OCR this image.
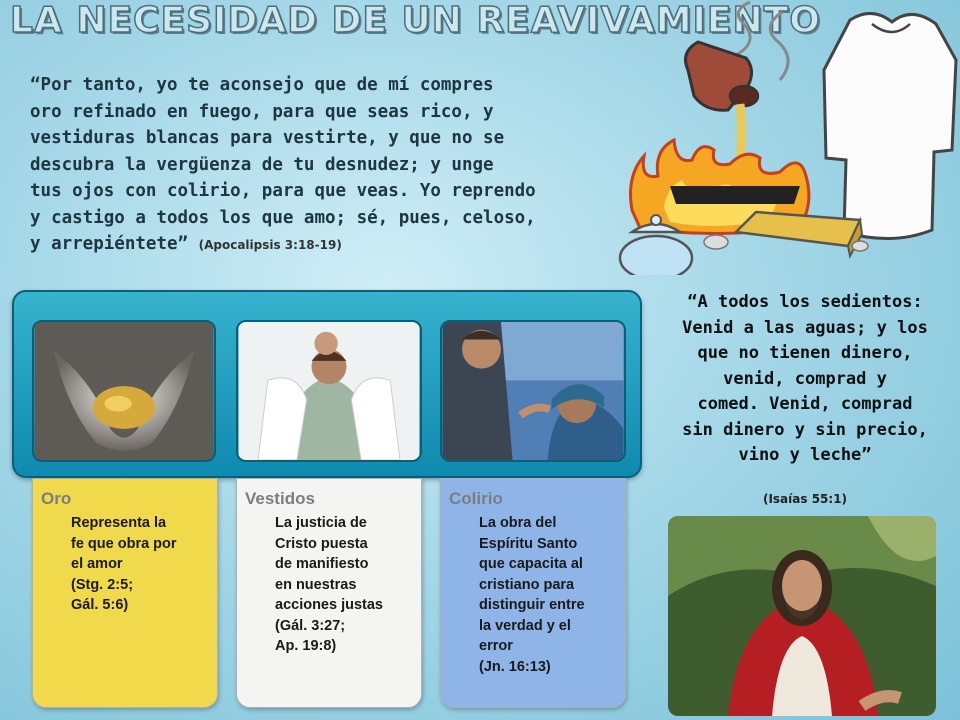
LA NECESIDAD DE UN REAVIVAMIENTO
“Por tanto, yo te aconsejo que de mí compres
oro refinado en fuego, para que seas rico, y
vestiduras blancas para vestirte, y que no se
descubra la vergüenza de tu desnudez; y unge
tus ojos con colirio, para que veas. Yo reprendo
y castigo a todos los que amo; sé, pues, celoso,
y arrepiéntete” (Apocalipsis 3:18-19)
Oro
Representa la
fe que obra por
el amor
(Stg. 2:5;
Gál. 5:6)
Vestidos
La justicia de
Cristo puesta
de manifiesto
en nuestras
acciones justas
(Gál. 3:27;
Ap. 19:8)
Colirio
La obra del
Espíritu Santo
que capacita al
cristiano para
distinguir entre
la verdad y el
error
(Jn. 16:13)
“A todos los sedientos:
Venid a las aguas; y los
que no tienen dinero,
venid, comprad y
comed. Venid, comprad
sin dinero y sin precio,
vino y leche”
(Isaías 55:1)
